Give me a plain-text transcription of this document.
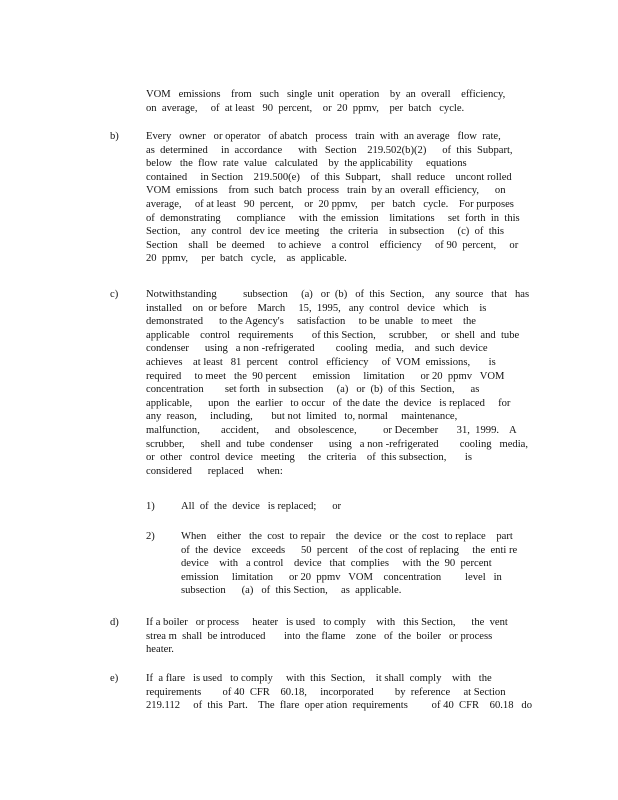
VOM   emissions    from   such   single  unit  operation    by  an  overall    efficiency,
on  average,     of  at least   90  percent,    or  20  ppmv,    per  batch   cycle.
b)	Every   owner   or operator   of abatch   process   train  with  an average   flow  rate,
as  determined     in  accordance      with   Section    219.502(b)(2)      of  this  Subpart,
below   the  flow  rate  value   calculated    by  the applicability     equations
contained     in Section    219.500(e)    of  this  Subpart,    shall  reduce    uncont rolled
VOM  emissions    from  such  batch  process   train  by an  overall  efficiency,      on
average,     of at least   90  percent,    or  20 ppmv,     per   batch   cycle.    For purposes
of  demonstrating      compliance     with  the  emission    limitations     set  forth  in  this
Section,    any  control   dev ice  meeting    the  criteria    in subsection     (c)  of  this
Section    shall   be  deemed     to achieve    a control    efficiency     of 90  percent,     or
20  ppmv,     per  batch   cycle,    as  applicable.
c)	Notwithstanding          subsection     (a)   or  (b)   of  this  Section,    any  source   that   has
installed    on  or before    March     15,  1995,   any  control   device   which    is
demonstrated      to the Agency's     satisfaction     to be  unable   to meet    the
applicable    control   requirements       of this Section,     scrubber,     or  shell  and  tube
condenser      using   a non -refrigerated        cooling   media,    and  such  device
achieves    at least   81  percent    control   efficiency     of  VOM  emissions,       is
required     to meet   the  90 percent      emission     limitation      or 20  ppmv   VOM
concentration        set forth   in subsection     (a)   or  (b)  of this  Section,      as
applicable,      upon   the  earlier   to occur   of  the date  the  device   is replaced     for
any  reason,     including,       but not  limited   to, normal     maintenance,
malfunction,        accident,      and   obsolescence,          or December       31,  1999.    A
scrubber,      shell  and  tube  condenser      using   a non -refrigerated        cooling   media,
or  other   control  device   meeting     the  criteria    of  this subsection,       is
considered      replaced     when:
1) All  of  the  device   is replaced;      or
2) When    either   the  cost  to repair    the  device   or  the  cost  to replace    part
of  the  device    exceeds      50  percent    of the cost  of replacing     the  enti re
device    with   a control    device   that  complies     with  the  90  percent
emission     limitation      or 20  ppmv   VOM    concentration         level   in
subsection      (a)   of  this Section,     as  applicable.
d)	If a boiler   or process     heater   is used   to comply    with   this Section,      the  vent
strea m  shall  be introduced       into  the flame    zone   of  the  boiler   or process
heater.
e)	If  a flare   is used   to comply     with  this  Section,    it shall  comply    with   the
requirements        of 40  CFR    60.18,     incorporated        by  reference     at Section
219.112     of  this  Part.    The  flare  oper ation  requirements         of 40  CFR    60.18   do
